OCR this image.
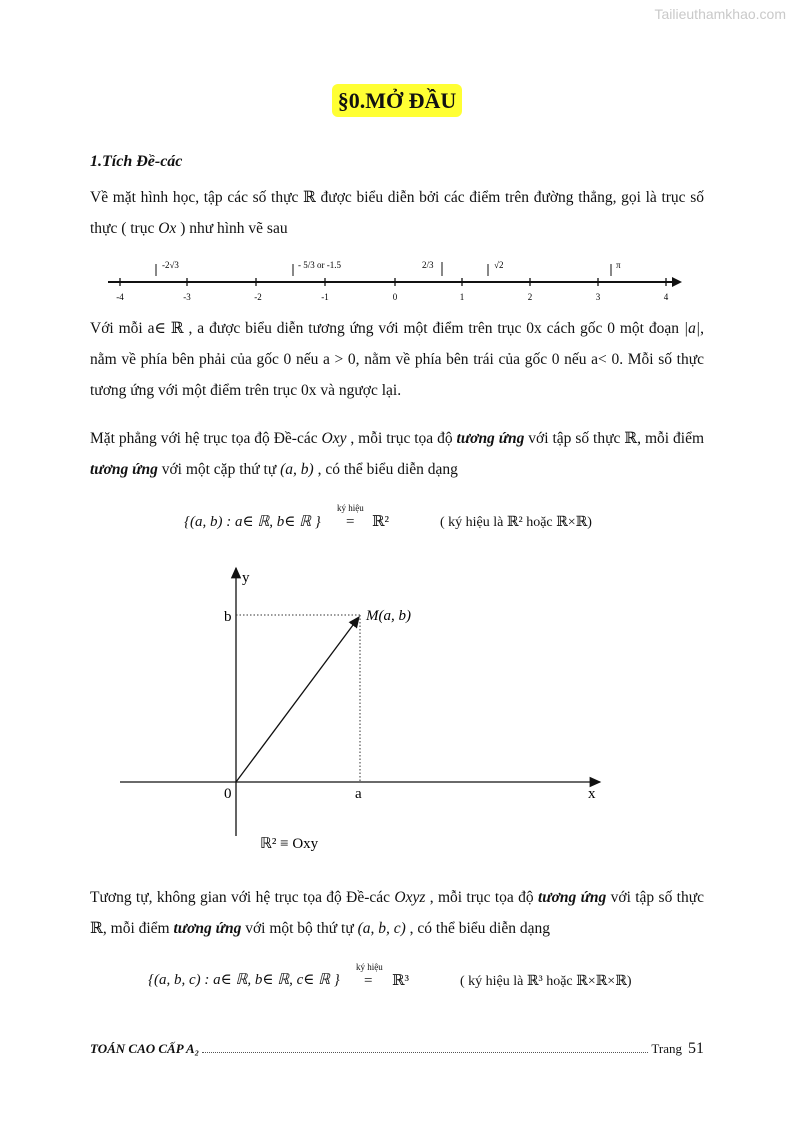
Tailieuthamkhao.com
§0.MỞ ĐẦU
1.Tích Đề-các
Về mặt hình học, tập các số thực ℝ được biểu diễn bởi các điểm trên đường thẳng, gọi là trục số thực ( trục Ox ) như hình vẽ sau
-4	-3	-2	-1	0	1	2	3	4
-2√3	- 5/3 or -1.5	2/3	√2	π
Với mỗi a∈ ℝ , a được biểu diễn tương ứng với một điểm trên trục 0x cách gốc 0 một đoạn |a|, nằm về phía bên phải của gốc 0 nếu a > 0, nằm về phía bên trái của gốc 0 nếu a< 0. Mỗi số thực tương ứng với một điểm trên trục 0x và ngược lại.
Mặt phẳng với hệ trục tọa độ Đề-các Oxy , mỗi trục tọa độ tương ứng với tập số thực ℝ, mỗi điểm tương ứng với một cặp thứ tự (a, b) , có thể biểu diễn dạng
{(a, b) : a∈ ℝ, b∈ ℝ }
ký hiệu
= ℝ²	( ký hiệu là ℝ² hoặc ℝ×ℝ)
y
b	M(a, b)
0	a	x
ℝ² ≡ Oxy
Tương tự, không gian với hệ trục tọa độ Đề-các Oxyz , mỗi trục tọa độ tương ứng với tập số thực ℝ, mỗi điểm tương ứng với một bộ thứ tự (a, b, c) , có thể biểu diễn dạng
{(a, b, c) : a∈ ℝ, b∈ ℝ, c∈ ℝ }
ký hiệu
= ℝ³	( ký hiệu là ℝ³ hoặc ℝ×ℝ×ℝ)
TOÁN CAO CẤP A₂	Trang 51
